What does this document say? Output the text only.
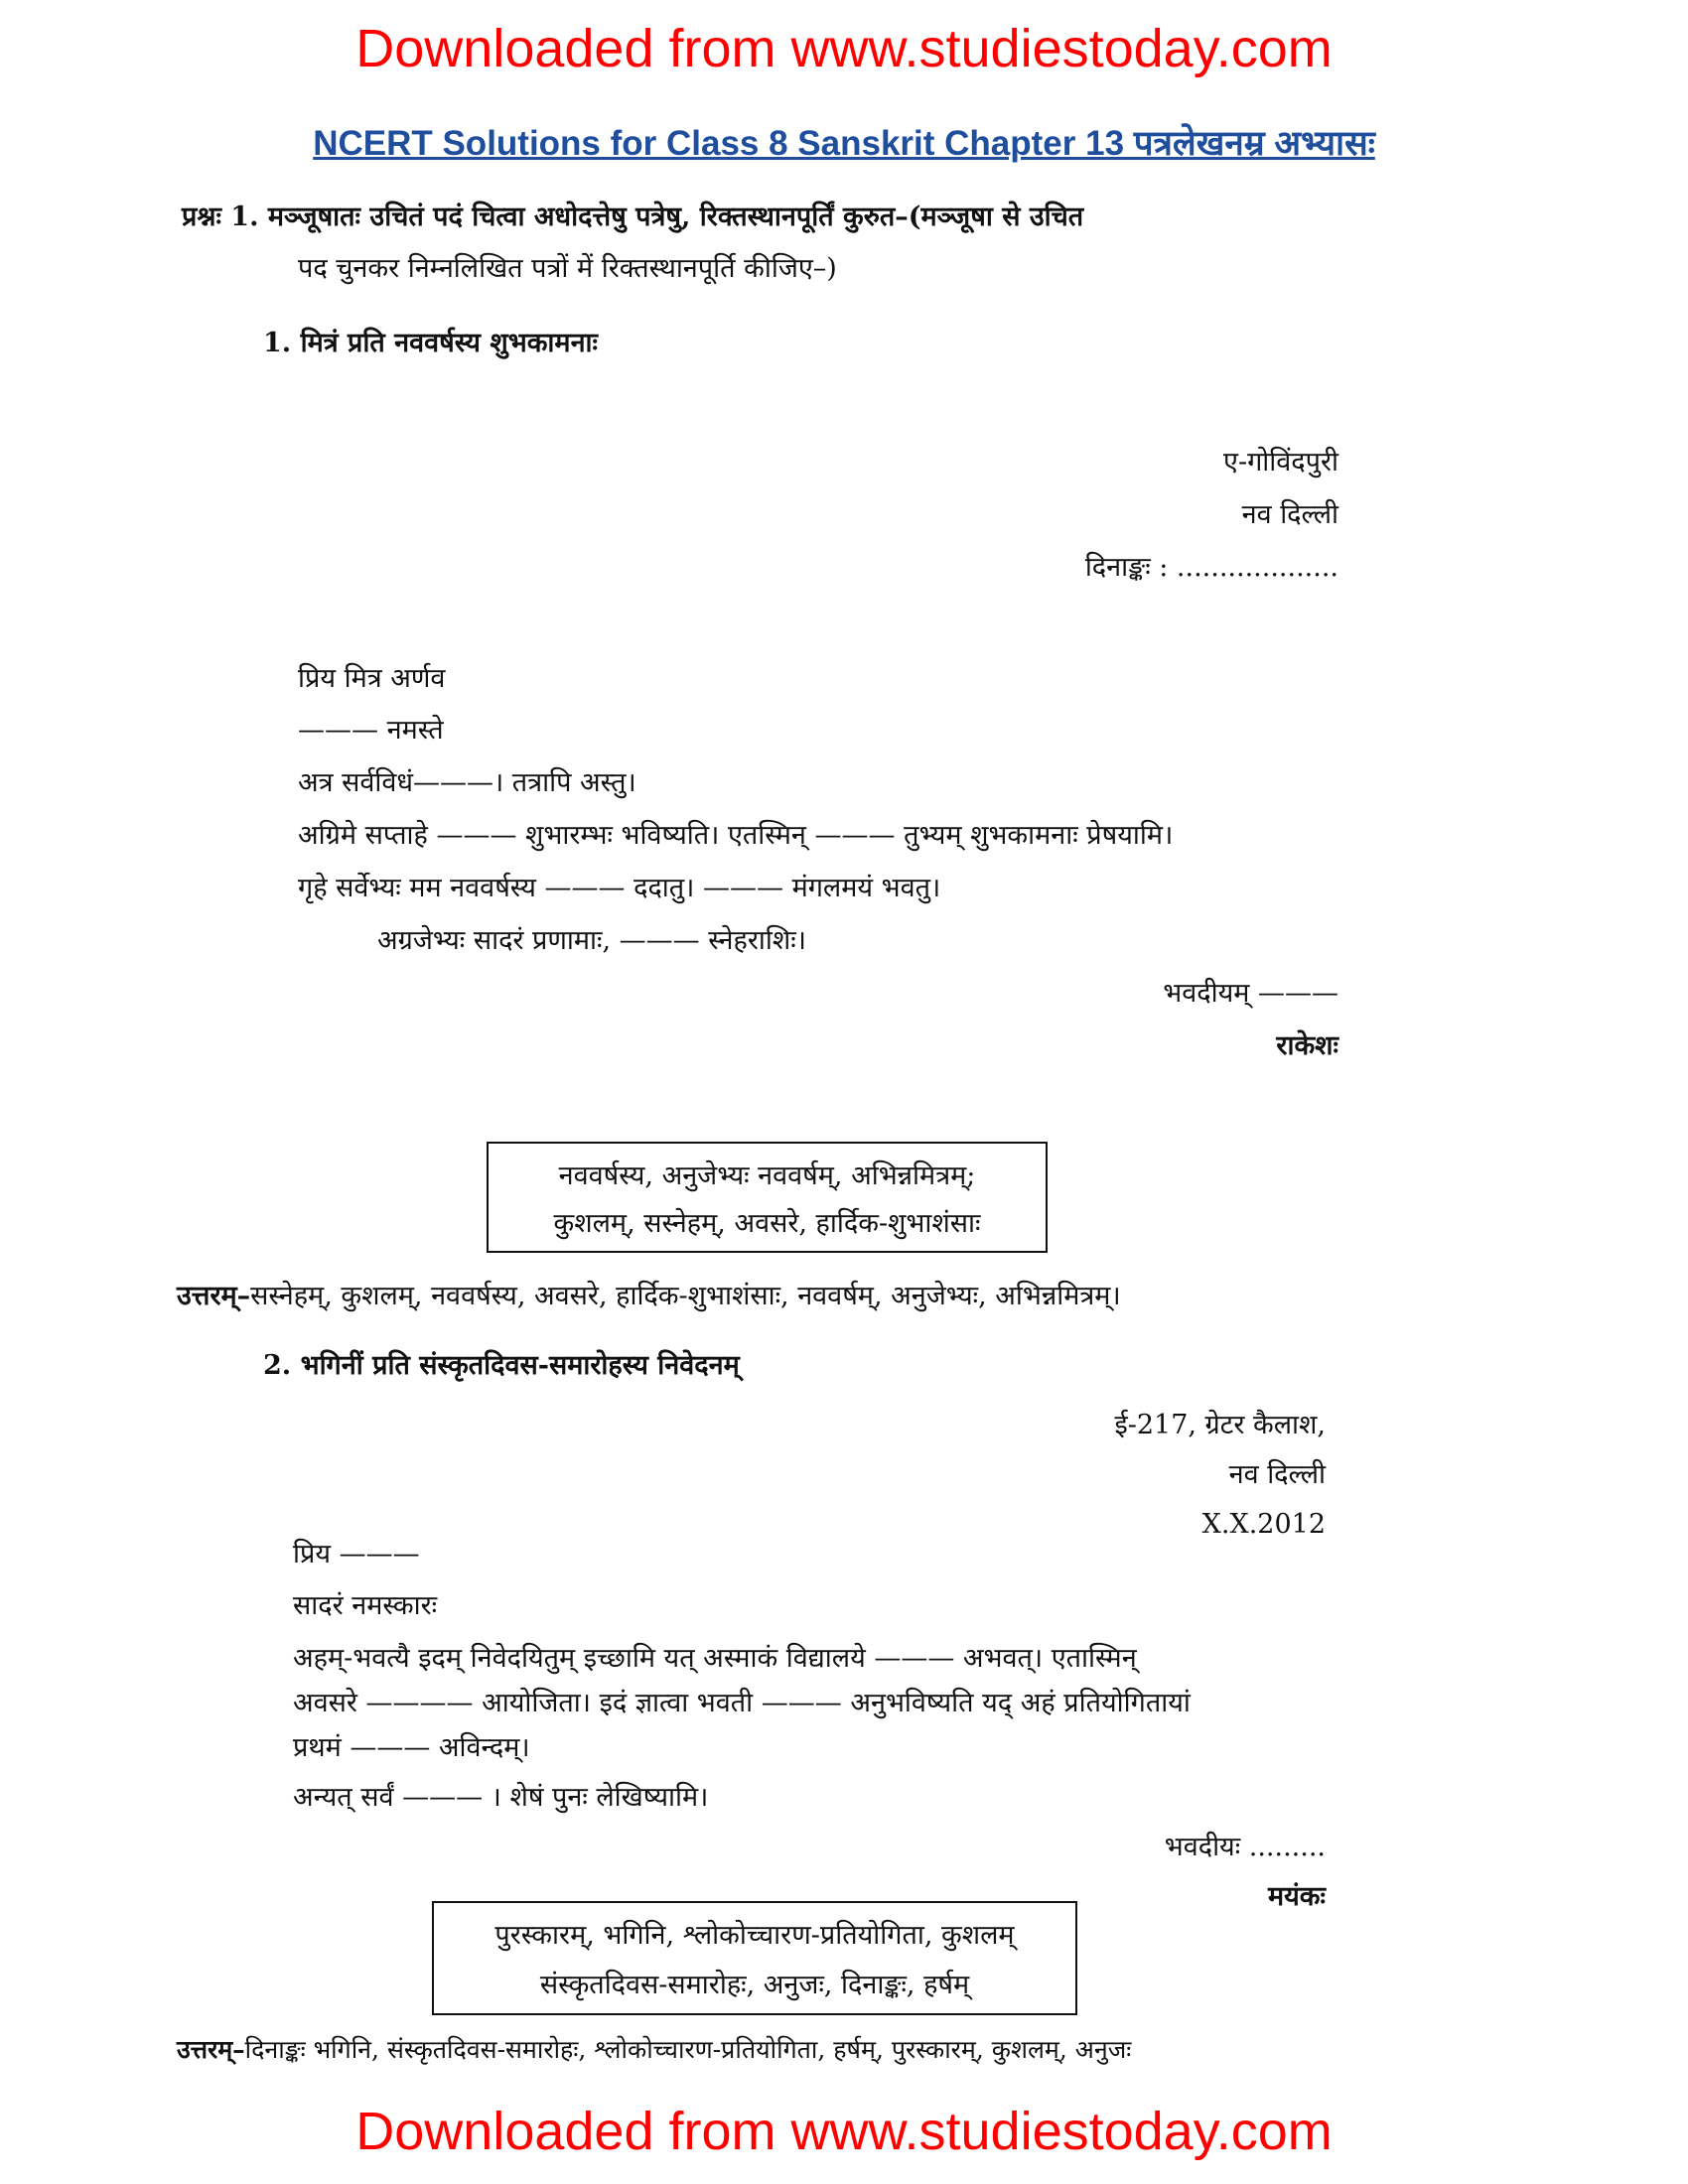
Downloaded from www.studiestoday.com
NCERT Solutions for Class 8 Sanskrit Chapter 13 पत्रलेखनम्र अभ्यासः
प्रश्नः 1. मञ्जूषातः उचितं पदं चित्वा अधोदत्तेषु पत्रेषु, रिक्तस्थानपूर्तिं कुरुत–(मञ्जूषा से उचित
पद चुनकर निम्नलिखित पत्रों में रिक्तस्थानपूर्ति कीजिए–)
1. मित्रं प्रति नववर्षस्य शुभकामनाः
ए-गोविंदपुरी
नव दिल्ली
दिनाङ्कः : ...................
प्रिय मित्र अर्णव
——— नमस्ते
अत्र सर्वविधं———। तत्रापि अस्तु।
अग्रिमे सप्ताहे ——— शुभारम्भः भविष्यति। एतस्मिन् ——— तुभ्यम् शुभकामनाः प्रेषयामि।
गृहे सर्वेभ्यः मम नववर्षस्य ——— ददातु। ——— मंगलमयं भवतु।
अग्रजेभ्यः सादरं प्रणामाः, ——— स्नेहराशिः।
भवदीयम् ———
राकेशः
नववर्षस्य, अनुजेभ्यः नववर्षम्, अभिन्नमित्रम्;
कुशलम्, सस्नेहम्, अवसरे, हार्दिक-शुभाशंसाः
उत्तरम्–सस्नेहम्, कुशलम्, नववर्षस्य, अवसरे, हार्दिक-शुभाशंसाः, नववर्षम्, अनुजेभ्यः, अभिन्नमित्रम्।
2. भगिनीं प्रति संस्कृतदिवस-समारोहस्य निवेदनम्
ई-217, ग्रेटर कैलाश,
नव दिल्ली
X.X.2012
प्रिय ———
सादरं नमस्कारः
अहम्-भवत्यै इदम् निवेदयितुम् इच्छामि यत् अस्माकं विद्यालये ——— अभवत्। एतास्मिन्
अवसरे ———— आयोजिता। इदं ज्ञात्वा भवती ——— अनुभविष्यति यद् अहं प्रतियोगितायां
प्रथमं ——— अविन्दम्।
अन्यत् सर्वं ——— । शेषं पुनः लेखिष्यामि।
भवदीयः .........
मयंकः
पुरस्कारम्, भगिनि, श्लोकोच्चारण-प्रतियोगिता, कुशलम्
संस्कृतदिवस-समारोहः, अनुजः, दिनाङ्कः, हर्षम्
उत्तरम्–दिनाङ्कः भगिनि, संस्कृतदिवस-समारोहः, श्लोकोच्चारण-प्रतियोगिता, हर्षम्, पुरस्कारम्, कुशलम्, अनुजः
Downloaded from www.studiestoday.com
